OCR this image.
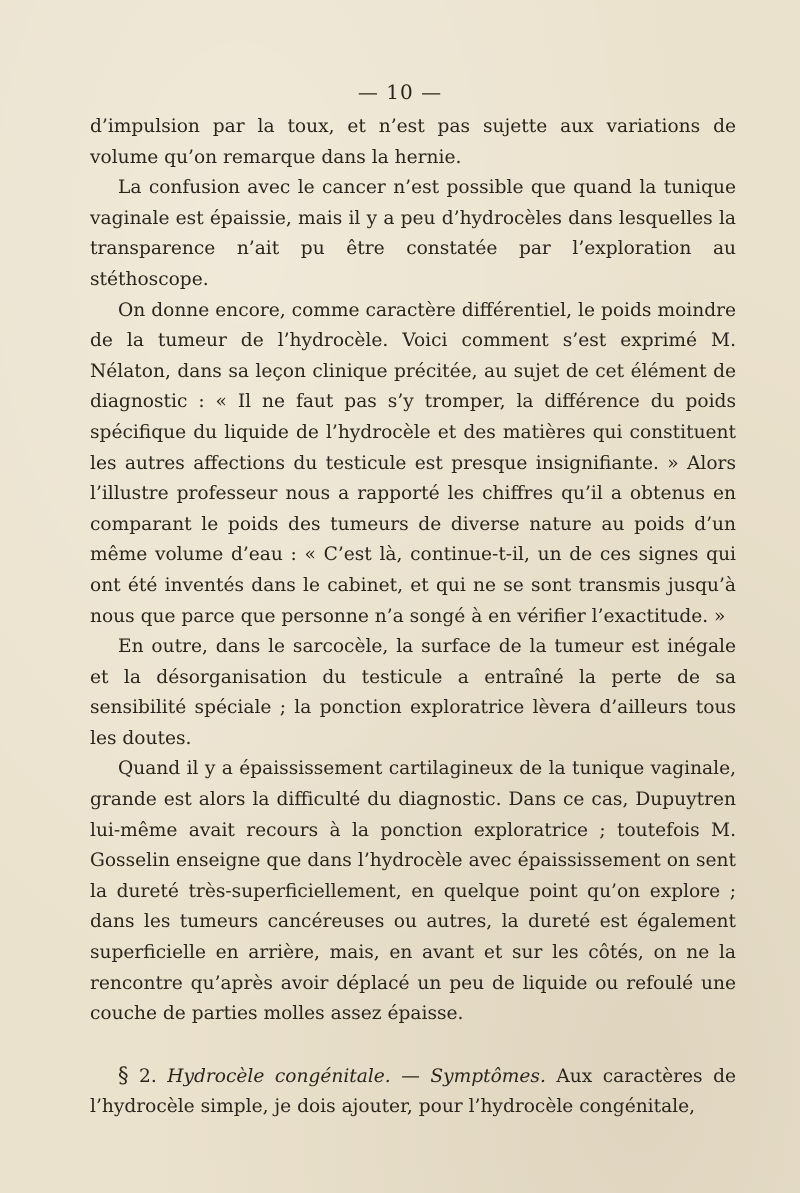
— 10 —

d’impulsion par la toux, et n’est pas sujette aux variations de volume qu’on remarque dans la hernie.

La confusion avec le cancer n’est possible que quand la tunique vaginale est épaissie, mais il y a peu d’hydrocèles dans lesquelles la transparence n’ait pu être constatée par l’exploration au stéthoscope.

On donne encore, comme caractère différentiel, le poids moindre de la tumeur de l’hydrocèle. Voici comment s’est exprimé M. Nélaton, dans sa leçon clinique précitée, au sujet de cet élément de diagnostic : « Il ne faut pas s’y tromper, la différence du poids spécifique du liquide de l’hydrocèle et des matières qui constituent les autres affections du testicule est presque insignifiante. » Alors l’illustre professeur nous a rapporté les chiffres qu’il a obtenus en comparant le poids des tumeurs de diverse nature au poids d’un même volume d’eau : « C’est là, continue-t-il, un de ces signes qui ont été inventés dans le cabinet, et qui ne se sont transmis jusqu’à nous que parce que personne n’a songé à en vérifier l’exactitude. »

En outre, dans le sarcocèle, la surface de la tumeur est inégale et la désorganisation du testicule a entraîné la perte de sa sensibilité spéciale ; la ponction exploratrice lèvera d’ailleurs tous les doutes.

Quand il y a épaississement cartilagineux de la tunique vaginale, grande est alors la difficulté du diagnostic. Dans ce cas, Dupuytren lui-même avait recours à la ponction exploratrice ; toutefois M. Gosselin enseigne que dans l’hydrocèle avec épaississement on sent la dureté très-superficiellement, en quelque point qu’on explore ; dans les tumeurs cancéreuses ou autres, la dureté est également superficielle en arrière, mais, en avant et sur les côtés, on ne la rencontre qu’après avoir déplacé un peu de liquide ou refoulé une couche de parties molles assez épaisse.

§ 2. Hydrocèle congénitale. — Symptômes. Aux caractères de l’hydrocèle simple, je dois ajouter, pour l’hydrocèle congénitale,
